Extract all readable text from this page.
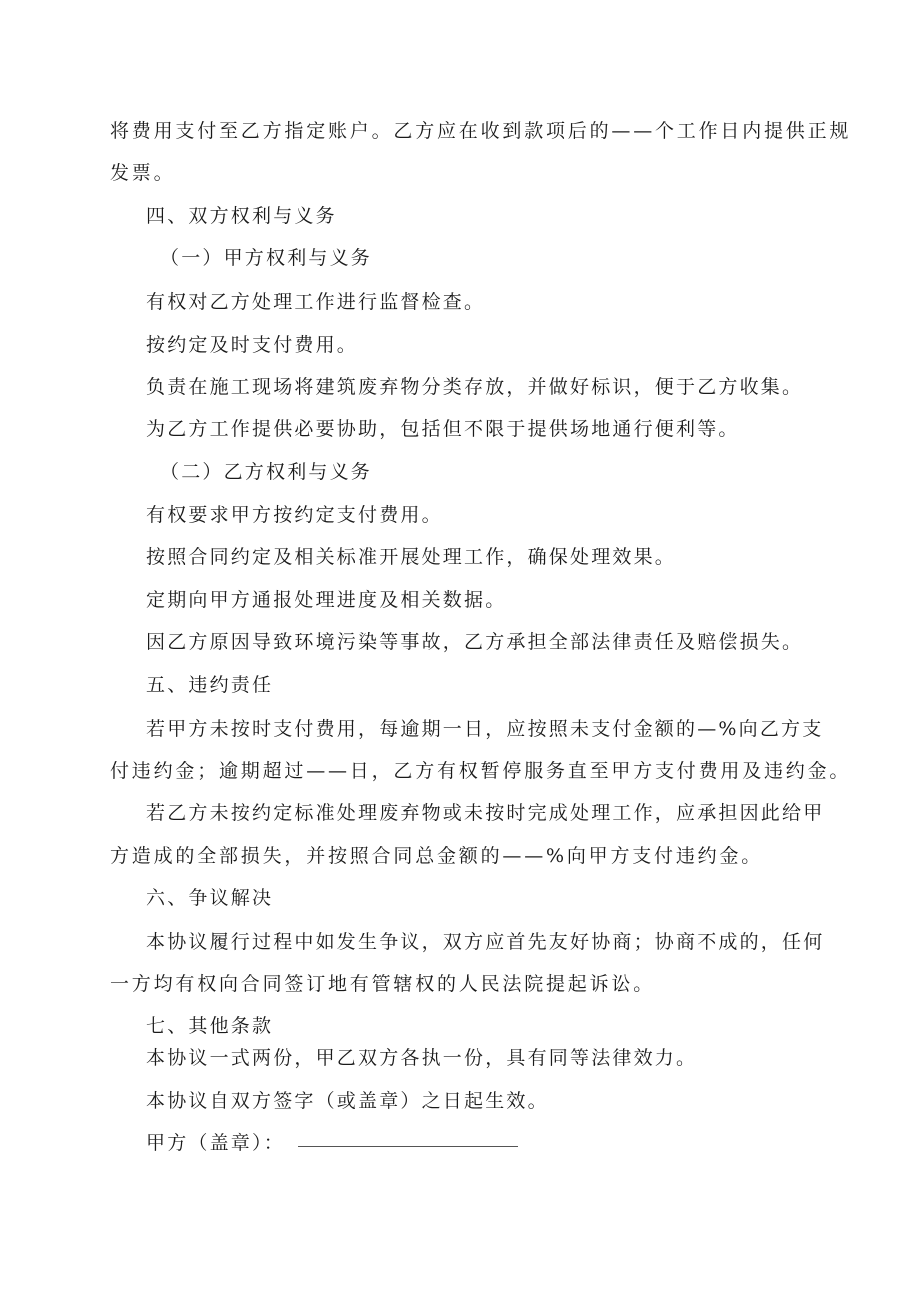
将费用支付至乙方指定账户。乙方应在收到款项后的——个工作日内提供正规
发票。
四、双方权利与义务
（一）甲方权利与义务
有权对乙方处理工作进行监督检查。
按约定及时支付费用。
负责在施工现场将建筑废弃物分类存放，并做好标识，便于乙方收集。
为乙方工作提供必要协助，包括但不限于提供场地通行便利等。
（二）乙方权利与义务
有权要求甲方按约定支付费用。
按照合同约定及相关标准开展处理工作，确保处理效果。
定期向甲方通报处理进度及相关数据。
因乙方原因导致环境污染等事故，乙方承担全部法律责任及赔偿损失。
五、违约责任
若甲方未按时支付费用，每逾期一日，应按照未支付金额的—%向乙方支
付违约金；逾期超过——日，乙方有权暂停服务直至甲方支付费用及违约金。
若乙方未按约定标准处理废弃物或未按时完成处理工作，应承担因此给甲
方造成的全部损失，并按照合同总金额的——%向甲方支付违约金。
六、争议解决
本协议履行过程中如发生争议，双方应首先友好协商；协商不成的，任何
一方均有权向合同签订地有管辖权的人民法院提起诉讼。
七、其他条款
本协议一式两份，甲乙双方各执一份，具有同等法律效力。
本协议自双方签字（或盖章）之日起生效。
甲方（盖章）：
